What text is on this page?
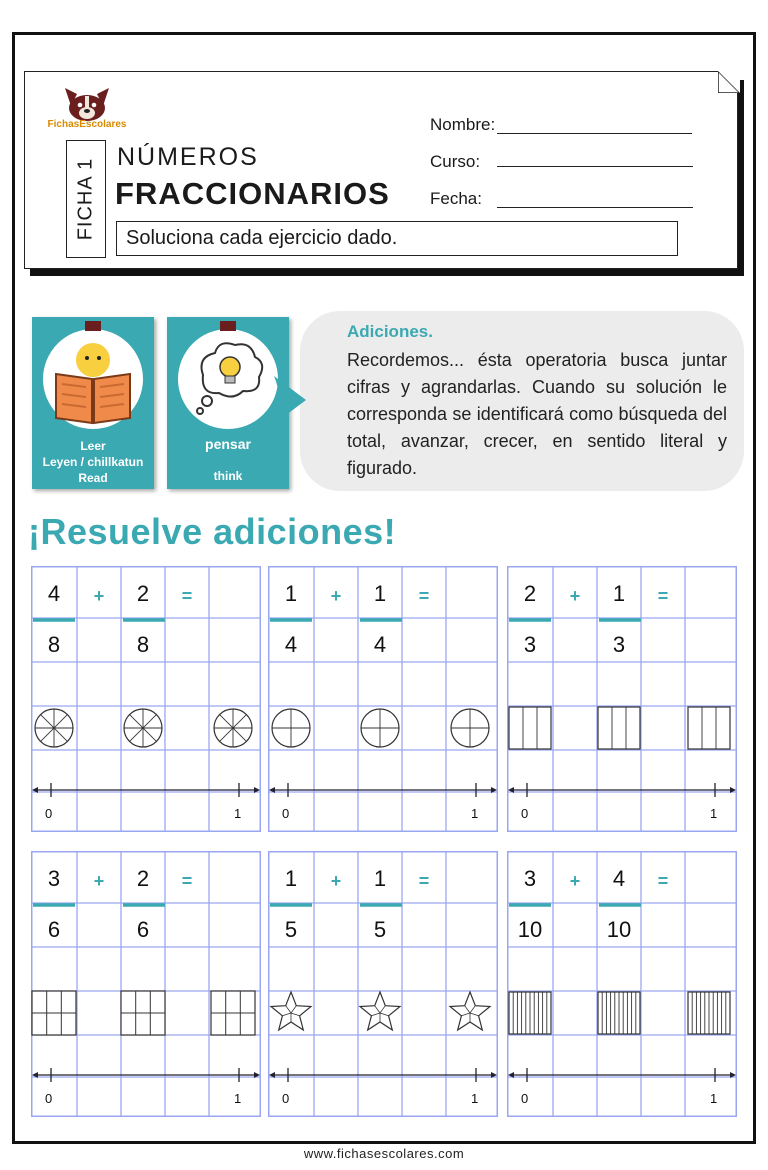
FichasEscolares
FICHA 1
NÚMEROS
FRACCIONARIOS
Soluciona cada ejercicio dado.
Nombre:
Curso:
Fecha:
Leer
Leyen / chillkatun
Read
pensar
think
Adiciones.
Recordemos... ésta operatoria busca juntar cifras y agrandarlas. Cuando su solución le corresponda se identificará como búsqueda del total, avanzar, crecer, en sentido literal y figurado.
¡Resuelve adiciones!
4	+	2	=
8	8
0	1
1	+	1	=
4	4
0	1
2	+	1	=
3	3
0	1
3	+	2	=
6	6
0	1
1	+	1	=
5	5
0	1
3	+	4	=
10	10
0	1
www.fichasescolares.com
